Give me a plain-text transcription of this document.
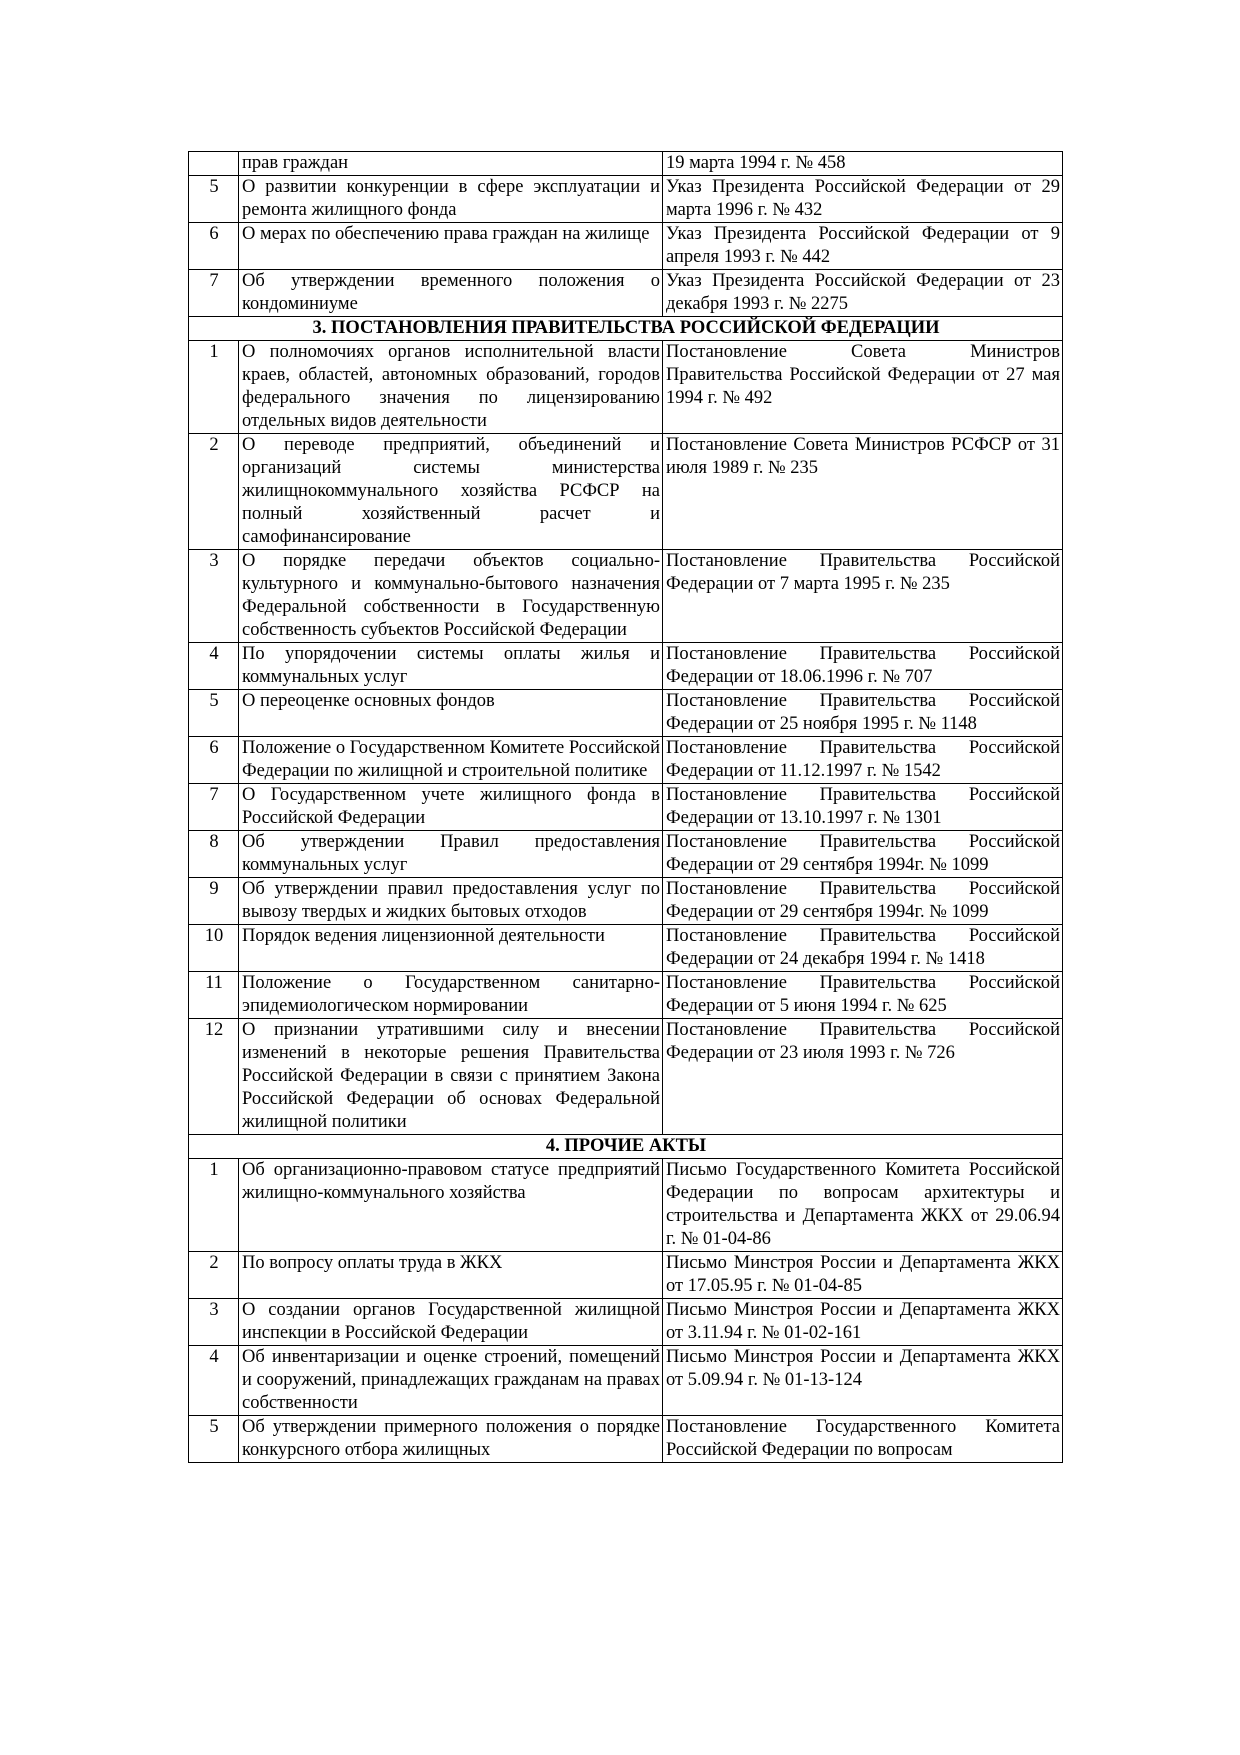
	прав граждан	19 марта 1994 г. № 458
5	О развитии конкуренции в сфере эксплуатации и ремонта жилищного фонда	Указ Президента Российской Федерации от 29 марта 1996 г. № 432
6	О мерах по обеспечению права граждан на жилище	Указ Президента Российской Федерации от 9 апреля 1993 г. № 442
7	Об утверждении временного положения о кондоминиуме	Указ Президента Российской Федерации от 23 декабря 1993 г. № 2275
3. ПОСТАНОВЛЕНИЯ ПРАВИТЕЛЬСТВА РОССИЙСКОЙ ФЕДЕРАЦИИ		
1	О полномочиях органов исполнительной власти краев, областей, автономных образований, городов федерального значения по лицензированию отдельных видов деятельности	Постановление Совета Министров Правительства Российской Федерации от 27 мая 1994 г. № 492
2	О переводе предприятий, объединений и организаций системы министерства жилищнокоммунального хозяйства РСФСР на полный хозяйственный расчет и самофинансирование	Постановление Совета Министров РСФСР от 31 июля 1989 г. № 235
3	О порядке передачи объектов социально-культурного и коммунально-бытового назначения Федеральной собственности в Государственную собственность субъектов Российской Федерации	Постановление Правительства Российской Федерации от 7 марта 1995 г. № 235
4	По упорядочении системы оплаты жилья и коммунальных услуг	Постановление Правительства Российской Федерации от 18.06.1996 г. № 707
5	О переоценке основных фондов	Постановление Правительства Российской Федерации от 25 ноября 1995 г. № 1148
6	Положение о Государственном Комитете Российской Федерации по жилищной и строительной политике	Постановление Правительства Российской Федерации от 11.12.1997 г. № 1542
7	О Государственном учете жилищного фонда в Российской Федерации	Постановление Правительства Российской Федерации от 13.10.1997 г. № 1301
8	Об утверждении Правил предоставления коммунальных услуг	Постановление Правительства Российской Федерации от 29 сентября 1994г. № 1099
9	Об утверждении правил предоставления услуг по вывозу твердых и жидких бытовых отходов	Постановление Правительства Российской Федерации от 29 сентября 1994г. № 1099
10	Порядок ведения лицензионной деятельности	Постановление Правительства Российской Федерации от 24 декабря 1994 г. № 1418
11	Положение о Государственном санитарно-эпидемиологическом нормировании	Постановление Правительства Российской Федерации от 5 июня 1994 г. № 625
12	О признании утратившими силу и внесении изменений в некоторые решения Правительства Российской Федерации в связи с принятием Закона Российской Федерации об основах Федеральной жилищной политики	Постановление Правительства Российской Федерации от 23 июля 1993 г. № 726
4. ПРОЧИЕ АКТЫ		
1	Об организационно-правовом статусе предприятий жилищно-коммунального хозяйства	Письмо Государственного Комитета Российской Федерации по вопросам архитектуры и строительства и Департамента ЖКХ от 29.06.94 г. № 01-04-86
2	По вопросу оплаты труда в ЖКХ	Письмо Минстроя России и Департамента ЖКХ от 17.05.95 г. № 01-04-85
3	О создании органов Государственной жилищной инспекции в Российской Федерации	Письмо Минстроя России и Департамента ЖКХ от 3.11.94 г. № 01-02-161
4	Об инвентаризации и оценке строений, помещений и сооружений, принадлежащих гражданам на правах собственности	Письмо Минстроя России и Департамента ЖКХ от 5.09.94 г. № 01-13-124
5	Об утверждении примерного положения о порядке конкурсного отбора жилищных	Постановление Государственного Комитета Российской Федерации по вопросам
